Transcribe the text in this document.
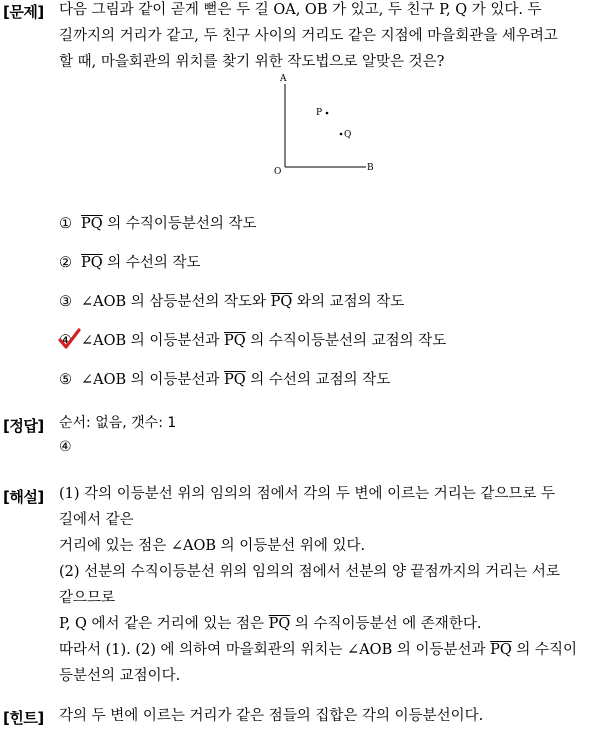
[문제] 다음 그림과 같이 곧게 뻗은 두 길 OA, OB 가 있고, 두 친구 P, Q 가 있다. 두
길까지의 거리가 같고, 두 친구 사이의 거리도 같은 지점에 마을회관을 세우려고
할 때, 마을회관의 위치를 찾기 위한 작도법으로 알맞은 것은?
A
O	B
P
Q
① $\overline{PQ}$ 의 수직이등분선의 작도
② $\overline{PQ}$ 의 수선의 작도
③ ∠AOB 의 삼등분선의 작도와 $\overline{PQ}$ 와의 교점의 작도
④ ∠AOB 의 이등분선과 $\overline{PQ}$ 의 수직이등분선의 교점의 작도
⑤ ∠AOB 의 이등분선과 $\overline{PQ}$ 의 수선의 교점의 작도
[정답] 순서: 없음, 갯수: 1
④
[해설] (1) 각의 이등분선 위의 임의의 점에서 각의 두 변에 이르는 거리는 같으므로 두
길에서 같은
거리에 있는 점은 ∠AOB 의 이등분선 위에 있다.
(2) 선분의 수직이등분선 위의 임의의 점에서 선분의 양 끝점까지의 거리는 서로
같으므로
P, Q 에서 같은 거리에 있는 점은 $\overline{PQ}$ 의 수직이등분선 에 존재한다.
따라서 (1). (2) 에 의하여 마을회관의 위치는 ∠AOB 의 이등분선과 $\overline{PQ}$ 의 수직이
등분선의 교점이다.
[힌트] 각의 두 변에 이르는 거리가 같은 점들의 집합은 각의 이등분선이다.
